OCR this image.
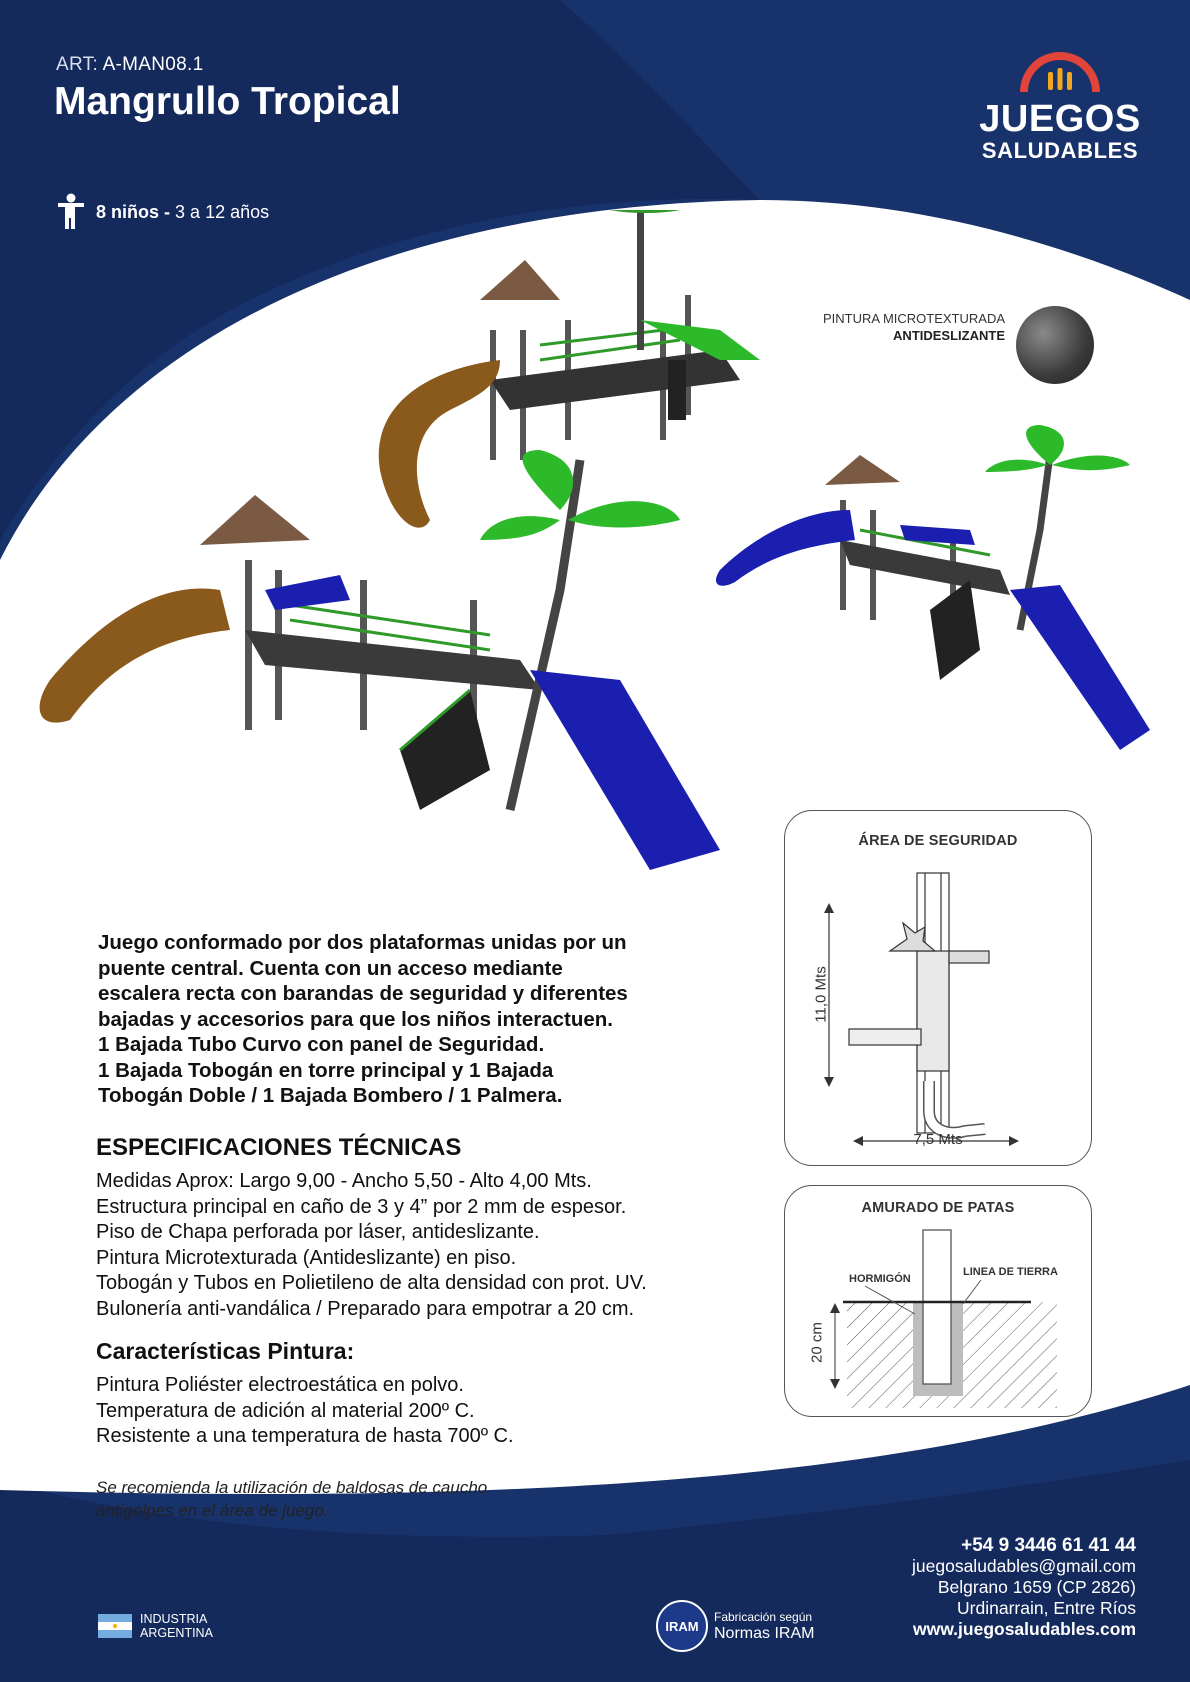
ART: A-MAN08.1
Mangrullo Tropical
8 niños - 3 a 12 años
JUEGOS
SALUDABLES
PINTURA MICROTEXTURADA
ANTIDESLIZANTE

Juego conformado por dos plataformas unidas por un
puente central. Cuenta con un acceso mediante
escalera recta con barandas de seguridad y diferentes
bajadas y accesorios para que los niños interactuen.
1 Bajada Tubo Curvo con panel de Seguridad.
1 Bajada Tobogán en torre principal y 1 Bajada
Tobogán Doble / 1 Bajada Bombero / 1 Palmera.

ESPECIFICACIONES TÉCNICAS
Medidas Aprox: Largo 9,00 - Ancho 5,50 - Alto 4,00 Mts.
Estructura principal en caño de 3 y 4” por 2 mm de espesor.
Piso de Chapa perforada por láser, antideslizante.
Pintura Microtexturada (Antideslizante) en piso.
Tobogán y Tubos en Polietileno de alta densidad con prot. UV.
Bulonería anti-vandálica / Preparado para empotrar a 20 cm.
Características Pintura:
Pintura Poliéster electroestática en polvo.
Temperatura de adición al material 200º C.
Resistente a una temperatura de hasta 700º C.

Se recomienda la utilización de baldosas de caucho
antigolpes en el área de juego.

ÁREA DE SEGURIDAD
11,0 Mts
7,5 Mts
AMURADO DE PATAS
HORMIGÓN
LINEA DE TIERRA
20 cm
+54 9 3446 61 41 44
juegosaludables@gmail.com
Belgrano 1659 (CP 2826)
Urdinarrain, Entre Ríos
www.juegosaludables.com
INDUSTRIA
ARGENTINA	IRAM
Fabricación según
Normas IRAM
